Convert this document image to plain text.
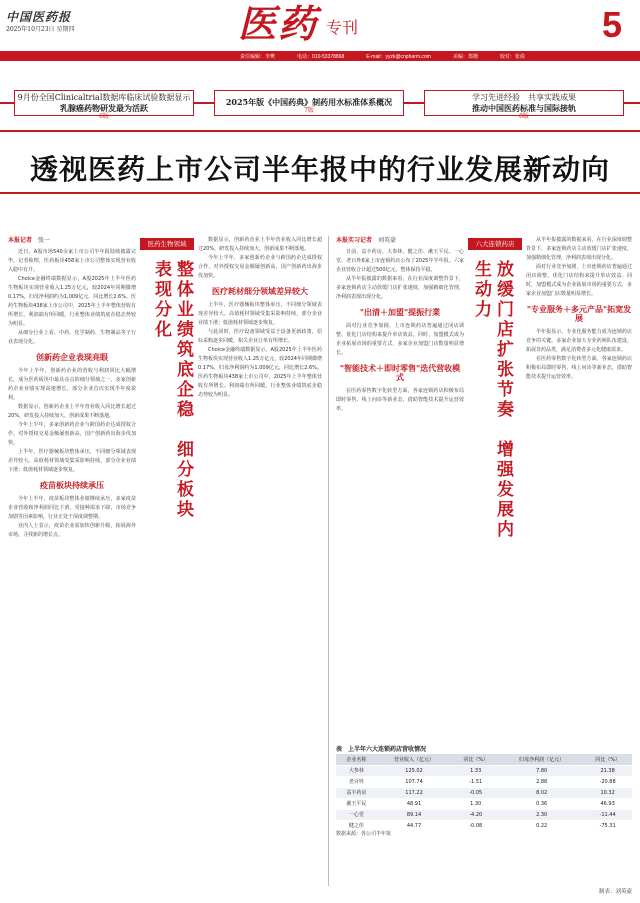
中国医药报
2025年10月23日 星期四	医药 专刊	5
责任编辑：李樊	电话：010-53378868	E-mail：yyzk@cnpharm.com	美编：郑珊	校对：张倩
9月份全国Clinicaltrial数据库临床试验数据显示
乳腺癌药物研发最为活跃
6版
2025年版《中国药典》制药用水标准体系概况
7版
学习先进经验　共享实践成果
推动中国医药标准与国际接轨
8版
透视医药上市公司半年报中的行业发展新动向
本报记者　 张一

近日，A股市场540余家上市公司半年报陆续披露完毕。记者梳理，医药板块458家上市公司整体实现营业收入稳中有升。

Choice金融终端数据显示，A股2025年上半年医药生物板块实现营业收入1.25万亿元，较2024年同期微增0.17%，归母净利润约为1,009亿元，同比增长2.6%。医药生物板块438家上市公司中，2025年上半年整体营收有所增长、利润端有所回暖。行业整体业绩筑底企稳态势较为明显。

从细分行业上看，中药、化学制药、生物制品等子行业表现分化。

创新药企业表现亮眼

今年上半年，创新药企业的营收与利润同比大幅增长，成为医药板块中最具亮点的细分领域之一。多家创新药企业业绩实现高速增长，部分企业首次实现半年度盈利。

数据显示，创新药企业上半年营业收入同比增长超过20%，研发投入持续加大，创新成果不断落地。

今年上半年，多家创新药企业与跨国药企达成授权合作，对外授权交易金额屡创新高，国产创新药出海步伐加快。

上半年，医疗器械板块整体承压，不同细分领域表现差异较大。高值耗材领域受集采影响持续，部分企业业绩下滑；低值耗材领域逐步恢复。

疫苗板块持续承压

今年上半年，疫苗板块整体业绩继续承压，多家疫苗企业营收和净利润同比下滑。受接种需求下降、市场竞争加剧等因素影响，行业正处于深度调整期。

业内人士表示，疫苗企业需加快创新升级，拓展海外市场，寻找新的增长点。

医药生物领域
整体业绩筑底企稳　细分板块表现分化

数据显示，创新药企业上半年营业收入同比增长超过20%，研发投入持续加大，创新成果不断落地。

今年上半年，多家创新药企业与跨国药企达成授权合作，对外授权交易金额屡创新高，国产创新药出海步伐加快。

医疗耗材细分领域差异较大

上半年，医疗器械板块整体承压，不同细分领域表现差异较大。高值耗材领域受集采影响持续，部分企业业绩下滑；低值耗材领域逐步恢复。

与此同时，医疗设备领域受益于设备更新政策，招标采购逐步回暖，相关企业订单有所增长。

Choice金融终端数据显示，A股2025年上半年医药生物板块实现营业收入1.25万亿元，较2024年同期微增0.17%，归母净利润约为1,009亿元，同比增长2.6%。医药生物板块438家上市公司中，2025年上半年整体营收有所增长、利润端有所回暖。行业整体业绩筑底企稳态势较为明显。

本报实习记者　 刘英豪

日前，益丰药房、大参林、健之佳、漱玉平民、一心堂、老百姓6家上市连锁药店公布了2025年半年报。六家企业营收合计超过500亿元，整体保持平稳。

从半年报披露的数据来看，在行业深度调整背景下，多家连锁药店主动放缓门店扩张速度，加强精细化管理，净利润表现出现分化。

"出清＋加盟"提振行業

面对行业竞争加剧，上市连锁药店普遍通过闭店调整、优化门店结构来提升单店效益。同时，加盟模式成为企业拓展市场的重要方式，多家企业加盟门店数量明显增长。

"智能技术＋即时零售"迭代营收模式

在医药零售数字化转型方面，各家连锁药店积极布局即时零售、线上问诊等新业态，借助智能技术提升运营效率。

六大连锁药店
放缓门店扩张节奏　增强发展内生动力

从半年报披露的数据来看，在行业深度调整背景下，多家连锁药店主动放缓门店扩张速度，加强精细化管理，净利润表现出现分化。

面对行业竞争加剧，上市连锁药店普遍通过闭店调整、优化门店结构来提升单店效益。同时，加盟模式成为企业拓展市场的重要方式，多家企业加盟门店数量明显增长。

"专业服务＋多元产品"拓宽发展

半年报显示，专业化服务能力成为连锁药店竞争的关键。多家企业加大专业药师队伍建设，拓展非药品类，满足消费者多元化健康需求。

在医药零售数字化转型方面，各家连锁药店积极布局即时零售、线上问诊等新业态，借助智能技术提升运营效率。

表　上半年六大连锁药店营收情况
企业名称	营业收入（亿元）	同比（%）	归母净利润（亿元）	同比（%）
大参林	125.02	1.33	7.80	21.38
老百姓	107.74	-1.51	2.88	-20.88
益丰药房	117.22	-0.05	8.02	10.32
漱玉平民	48.91	1.30	0.36	46.93
一心堂	89.14	-4.20	2.30	-11.44
健之佳	44.77	-0.08	0.22	-75.31
数据来源：各公司半年报
制表：刘英豪
